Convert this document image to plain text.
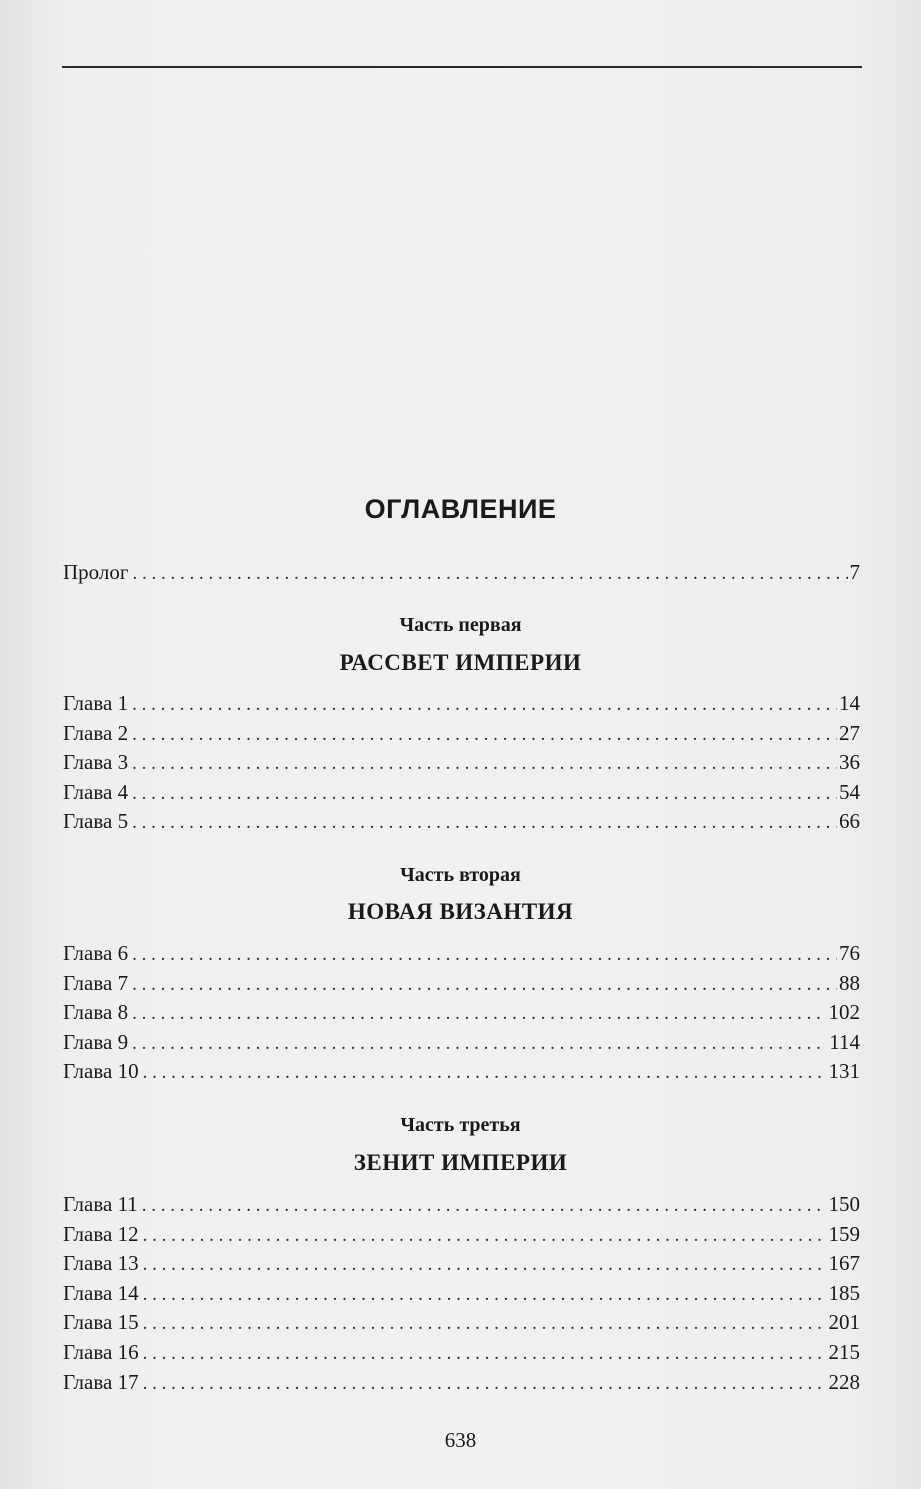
ОГЛАВЛЕНИЕ
Пролог . . .	7
Часть первая
РАССВЕТ ИМПЕРИИ
Глава 1 . . .	14
Глава 2 . . .	27
Глава 3 . . .	36
Глава 4 . . .	54
Глава 5 . . .	66
Часть вторая
НОВАЯ ВИЗАНТИЯ
Глава 6 . . .	76
Глава 7 . . .	88
Глава 8 . . .	102
Глава 9 . . .	114
Глава 10 . . .	131
Часть третья
ЗЕНИТ ИМПЕРИИ
Глава 11 . . .	150
Глава 12 . . .	159
Глава 13 . . .	167
Глава 14 . . .	185
Глава 15 . . .	201
Глава 16 . . .	215
Глава 17 . . .	228
638
